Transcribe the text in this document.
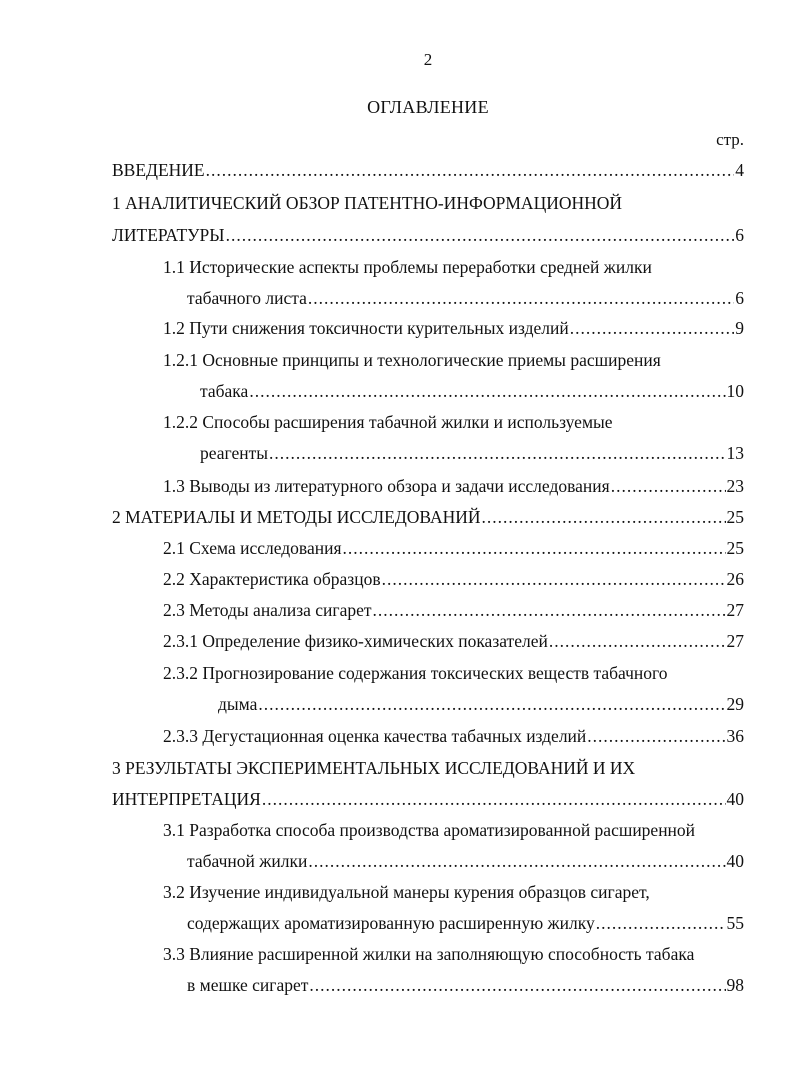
2
ОГЛАВЛЕНИЕ
стр.
ВВЕДЕНИЕ .....	4
1 АНАЛИТИЧЕСКИЙ ОБЗОР ПАТЕНТНО-ИНФОРМАЦИОННОЙ
ЛИТЕРАТУРЫ .....	6
1.1 Исторические аспекты проблемы переработки средней жилки
табачного листа .....	6
1.2 Пути снижения токсичности курительных изделий .....	9
1.2.1 Основные принципы и технологические приемы расширения
табака .....	10
1.2.2 Способы расширения табачной жилки и используемые
реагенты .....	13
1.3 Выводы из литературного обзора и задачи исследования .....	23
2 МАТЕРИАЛЫ И МЕТОДЫ ИССЛЕДОВАНИЙ .....	25
2.1 Схема исследования .....	25
2.2 Характеристика образцов .....	26
2.3 Методы анализа сигарет .....	27
2.3.1 Определение физико-химических показателей .....	27
2.3.2 Прогнозирование содержания токсических веществ табачного
дыма .....	29
2.3.3 Дегустационная оценка качества табачных изделий .....	36
3 РЕЗУЛЬТАТЫ ЭКСПЕРИМЕНТАЛЬНЫХ ИССЛЕДОВАНИЙ И ИХ
ИНТЕРПРЕТАЦИЯ .....	40
3.1 Разработка способа производства ароматизированной расширенной
табачной жилки .....	40
3.2 Изучение индивидуальной манеры курения образцов сигарет,
содержащих ароматизированную расширенную жилку .....	55
3.3 Влияние расширенной жилки на заполняющую способность табака
в мешке сигарет .....	98
